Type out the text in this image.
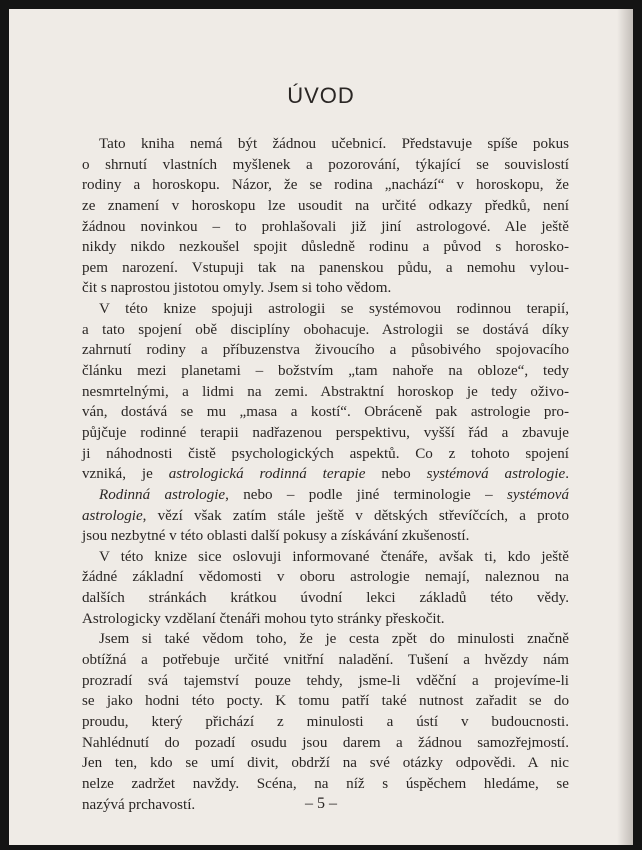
ÚVOD
Tato kniha nemá být žádnou učebnicí. Představuje spíše pokus
o shrnutí vlastních myšlenek a pozorování, týkající se souvislostí
rodiny a horoskopu. Názor, že se rodina „nachází“ v horoskopu, že
ze znamení v horoskopu lze usoudit na určité odkazy předků, není
žádnou novinkou – to prohlašovali již jiní astrologové. Ale ještě
nikdy nikdo nezkoušel spojit důsledně rodinu a původ s horosko-
pem narození. Vstupuji tak na panenskou půdu, a nemohu vylou-
čit s naprostou jistotou omyly. Jsem si toho vědom.
V této knize spojuji astrologii se systémovou rodinnou terapií,
a tato spojení obě disciplíny obohacuje. Astrologii se dostává díky
zahrnutí rodiny a příbuzenstva živoucího a působivého spojovacího
článku mezi planetami – božstvím „tam nahoře na obloze“, tedy
nesmrtelnými, a lidmi na zemi. Abstraktní horoskop je tedy oživo-
ván, dostává se mu „masa a kostí“. Obráceně pak astrologie pro-
půjčuje rodinné terapii nadřazenou perspektivu, vyšší řád a zbavuje
ji náhodnosti čistě psychologických aspektů. Co z tohoto spojení
vzniká, je astrologická rodinná terapie nebo systémová astrologie.
Rodinná astrologie, nebo – podle jiné terminologie – systémová
astrologie, vězí však zatím stále ještě v dětských střevíčcích, a proto
jsou nezbytné v této oblasti další pokusy a získávání zkušeností.
V této knize sice oslovuji informované čtenáře, avšak ti, kdo ještě
žádné základní vědomosti v oboru astrologie nemají, naleznou na
dalších stránkách krátkou úvodní lekci základů této vědy.
Astrologicky vzdělaní čtenáři mohou tyto stránky přeskočit.
Jsem si také vědom toho, že je cesta zpět do minulosti značně
obtížná a potřebuje určité vnitřní naladění. Tušení a hvězdy nám
prozradí svá tajemství pouze tehdy, jsme-li vděční a projevíme-li
se jako hodni této pocty. K tomu patří také nutnost zařadit se do
proudu, který přichází z minulosti a ústí v budoucnosti.
Nahlédnutí do pozadí osudu jsou darem a žádnou samozřejmostí.
Jen ten, kdo se umí divit, obdrží na své otázky odpovědi. A nic
nelze zadržet navždy. Scéna, na níž s úspěchem hledáme, se
nazývá prchavostí.	– 5 –
